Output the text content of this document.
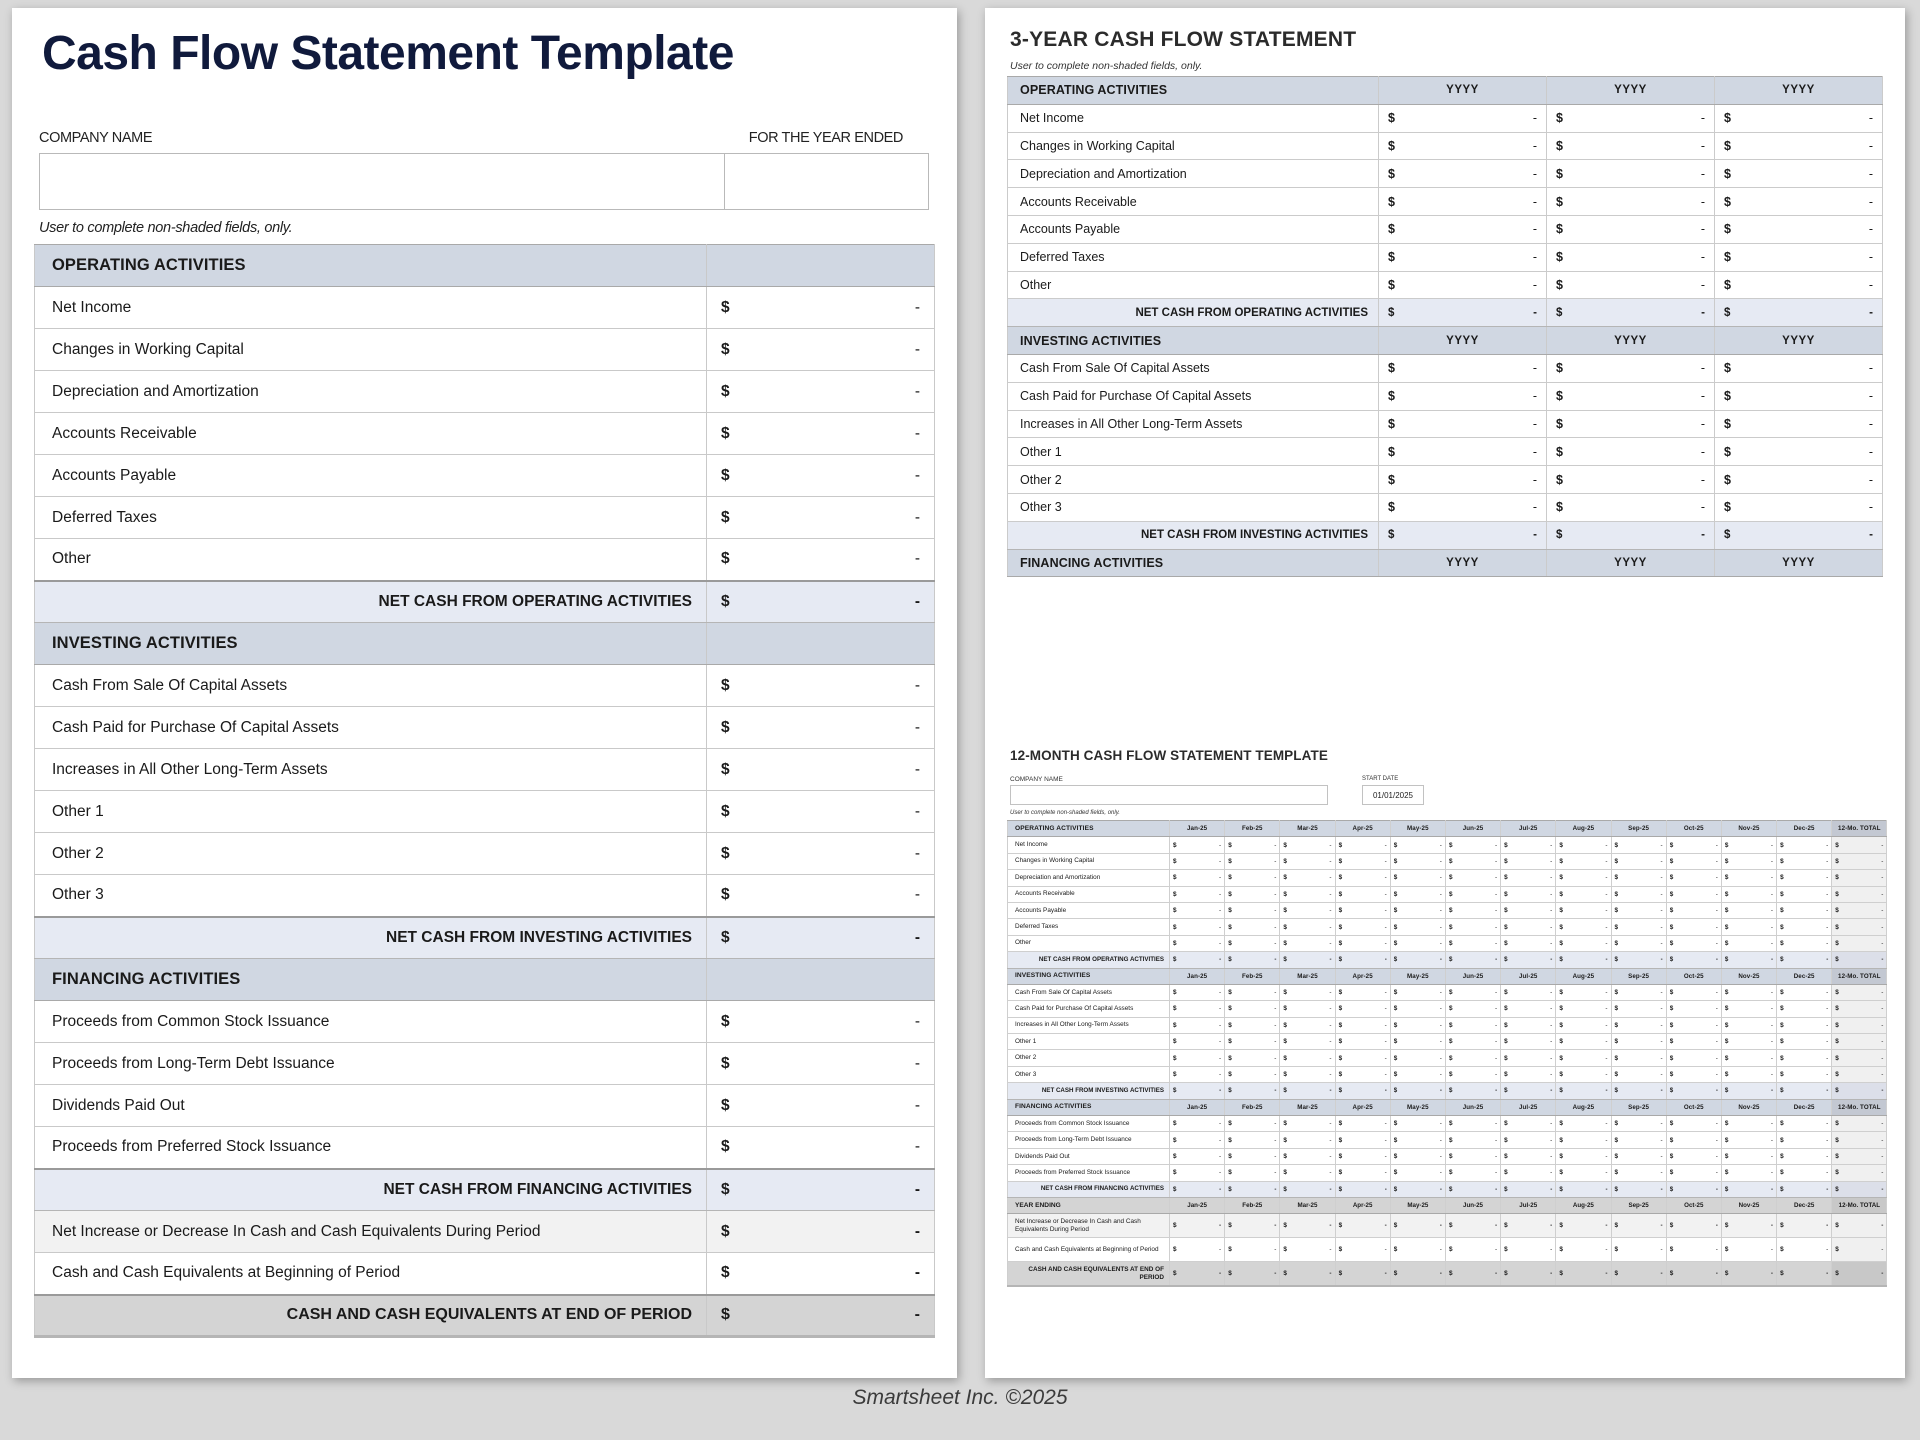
Cash Flow Statement Template
COMPANY NAME	FOR THE YEAR ENDED
User to complete non-shaded fields, only.
OPERATING ACTIVITIES	
Net Income	$ -

Changes in Working Capital	$ -

Depreciation and Amortization	$ -

Accounts Receivable	$ -

Accounts Payable	$ -

Deferred Taxes	$ -

Other	$ -

NET CASH FROM OPERATING ACTIVITIES	$ -

INVESTING ACTIVITIES	
Cash From Sale Of Capital Assets	$ -

Cash Paid for Purchase Of Capital Assets	$ -

Increases in All Other Long-Term Assets	$ -

Other 1	$ -

Other 2	$ -

Other 3	$ -

NET CASH FROM INVESTING ACTIVITIES	$ -

FINANCING ACTIVITIES	
Proceeds from Common Stock Issuance	$ -

Proceeds from Long-Term Debt Issuance	$ -

Dividends Paid Out	$ -

Proceeds from Preferred Stock Issuance	$ -

NET CASH FROM FINANCING ACTIVITIES	$ -

Net Increase or Decrease In Cash and Cash Equivalents During Period	$ -

Cash and Cash Equivalents at Beginning of Period	$ -

CASH AND CASH EQUIVALENTS AT END OF PERIOD	$ -
3-YEAR CASH FLOW STATEMENT
User to complete non-shaded fields, only.
OPERATING ACTIVITIES	YYYY	YYYY	YYYY
Net Income	$ -	$ -	$ -

Changes in Working Capital	$ -	$ -	$ -

Depreciation and Amortization	$ -	$ -	$ -

Accounts Receivable	$ -	$ -	$ -

Accounts Payable	$ -	$ -	$ -

Deferred Taxes	$ -	$ -	$ -

Other	$ -	$ -	$ -

NET CASH FROM OPERATING ACTIVITIES	$ -	$ -	$ -

INVESTING ACTIVITIES	YYYY	YYYY	YYYY
Cash From Sale Of Capital Assets	$ -	$ -	$ -

Cash Paid for Purchase Of Capital Assets	$ -	$ -	$ -

Increases in All Other Long-Term Assets	$ -	$ -	$ -

Other 1	$ -	$ -	$ -

Other 2	$ -	$ -	$ -

Other 3	$ -	$ -	$ -

NET CASH FROM INVESTING ACTIVITIES	$ -	$ -	$ -

FINANCING ACTIVITIES	YYYY	YYYY	YYYY
12-MONTH CASH FLOW STATEMENT TEMPLATE
COMPANY NAME	START DATE
01/01/2025
User to complete non-shaded fields, only.
OPERATING ACTIVITIES	Jan-25	Feb-25	Mar-25	Apr-25	May-25	Jun-25	Jul-25	Aug-25	Sep-25	Oct-25	Nov-25	Dec-25	12-Mo. TOTAL
Net Income	$ -	$ -	$ -	$ -	$ -	$ -	$ -	$ -	$ -	$ -	$ -	$ -	$ -

Changes in Working Capital	$ -	$ -	$ -	$ -	$ -	$ -	$ -	$ -	$ -	$ -	$ -	$ -	$ -

Depreciation and Amortization	$ -	$ -	$ -	$ -	$ -	$ -	$ -	$ -	$ -	$ -	$ -	$ -	$ -

Accounts Receivable	$ -	$ -	$ -	$ -	$ -	$ -	$ -	$ -	$ -	$ -	$ -	$ -	$ -

Accounts Payable	$ -	$ -	$ -	$ -	$ -	$ -	$ -	$ -	$ -	$ -	$ -	$ -	$ -

Deferred Taxes	$ -	$ -	$ -	$ -	$ -	$ -	$ -	$ -	$ -	$ -	$ -	$ -	$ -

Other	$ -	$ -	$ -	$ -	$ -	$ -	$ -	$ -	$ -	$ -	$ -	$ -	$ -

NET CASH FROM OPERATING ACTIVITIES	$ -	$ -	$ -	$ -	$ -	$ -	$ -	$ -	$ -	$ -	$ -	$ -	$ -

INVESTING ACTIVITIES	Jan-25	Feb-25	Mar-25	Apr-25	May-25	Jun-25	Jul-25	Aug-25	Sep-25	Oct-25	Nov-25	Dec-25	12-Mo. TOTAL
Cash From Sale Of Capital Assets	$ -	$ -	$ -	$ -	$ -	$ -	$ -	$ -	$ -	$ -	$ -	$ -	$ -

Cash Paid for Purchase Of Capital Assets	$ -	$ -	$ -	$ -	$ -	$ -	$ -	$ -	$ -	$ -	$ -	$ -	$ -

Increases in All Other Long-Term Assets	$ -	$ -	$ -	$ -	$ -	$ -	$ -	$ -	$ -	$ -	$ -	$ -	$ -

Other 1	$ -	$ -	$ -	$ -	$ -	$ -	$ -	$ -	$ -	$ -	$ -	$ -	$ -

Other 2	$ -	$ -	$ -	$ -	$ -	$ -	$ -	$ -	$ -	$ -	$ -	$ -	$ -

Other 3	$ -	$ -	$ -	$ -	$ -	$ -	$ -	$ -	$ -	$ -	$ -	$ -	$ -

NET CASH FROM INVESTING ACTIVITIES	$ -	$ -	$ -	$ -	$ -	$ -	$ -	$ -	$ -	$ -	$ -	$ -	$ -

FINANCING ACTIVITIES	Jan-25	Feb-25	Mar-25	Apr-25	May-25	Jun-25	Jul-25	Aug-25	Sep-25	Oct-25	Nov-25	Dec-25	12-Mo. TOTAL
Proceeds from Common Stock Issuance	$ -	$ -	$ -	$ -	$ -	$ -	$ -	$ -	$ -	$ -	$ -	$ -	$ -

Proceeds from Long-Term Debt Issuance	$ -	$ -	$ -	$ -	$ -	$ -	$ -	$ -	$ -	$ -	$ -	$ -	$ -

Dividends Paid Out	$ -	$ -	$ -	$ -	$ -	$ -	$ -	$ -	$ -	$ -	$ -	$ -	$ -

Proceeds from Preferred Stock Issuance	$ -	$ -	$ -	$ -	$ -	$ -	$ -	$ -	$ -	$ -	$ -	$ -	$ -

NET CASH FROM FINANCING ACTIVITIES	$ -	$ -	$ -	$ -	$ -	$ -	$ -	$ -	$ -	$ -	$ -	$ -	$ -

YEAR ENDING	Jan-25	Feb-25	Mar-25	Apr-25	May-25	Jun-25	Jul-25	Aug-25	Sep-25	Oct-25	Nov-25	Dec-25	12-Mo. TOTAL
Net Increase or Decrease In Cash and Cash Equivalents During Period	$ -	$ -	$ -	$ -	$ -	$ -	$ -	$ -	$ -	$ -	$ -	$ -	$ -

Cash and Cash Equivalents at Beginning of Period	$ -	$ -	$ -	$ -	$ -	$ -	$ -	$ -	$ -	$ -	$ -	$ -	$ -

CASH AND CASH EQUIVALENTS AT END OF PERIOD	$ -	$ -	$ -	$ -	$ -	$ -	$ -	$ -	$ -	$ -	$ -	$ -	$ -
Smartsheet Inc. ©2025
